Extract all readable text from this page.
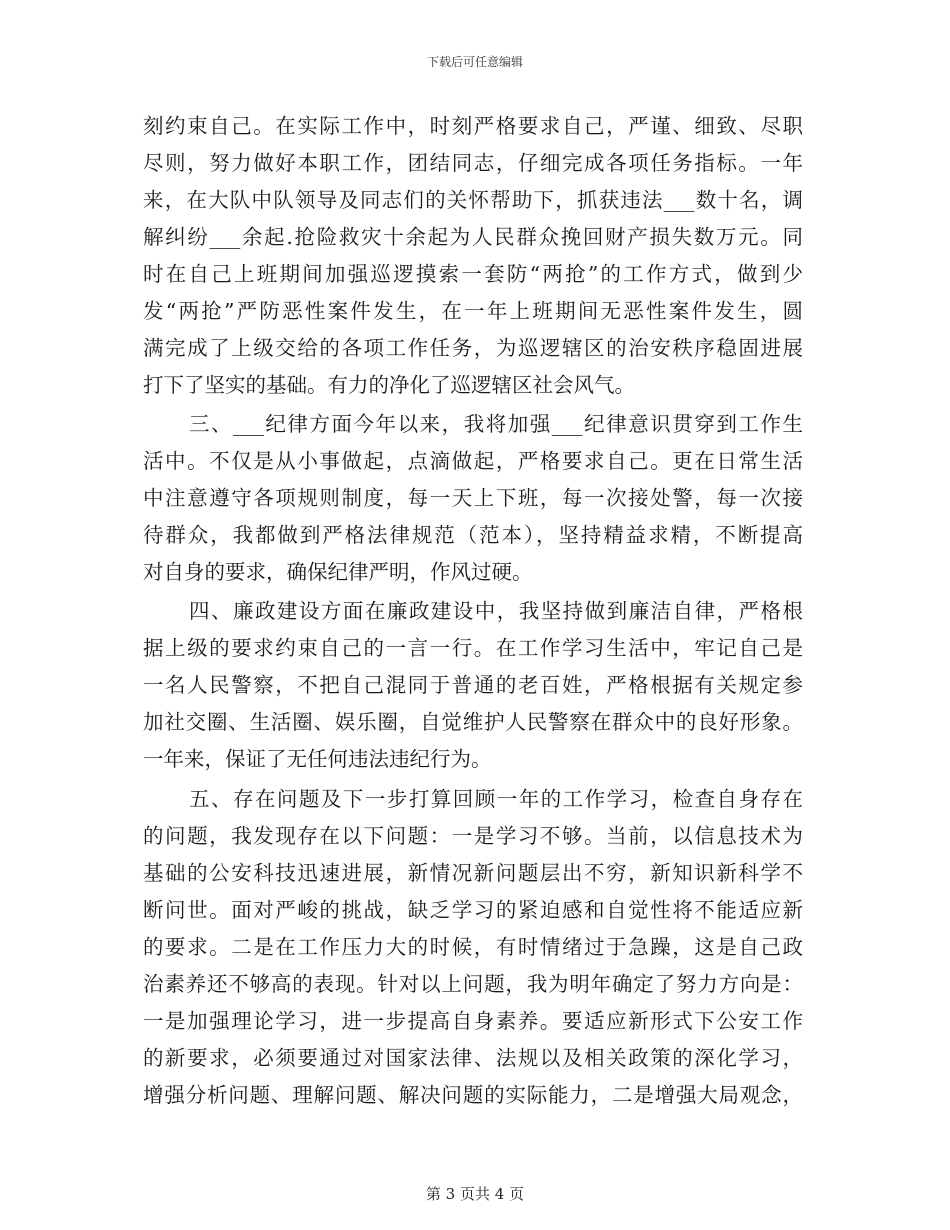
下载后可任意编辑
刻约束自己。在实际工作中，时刻严格要求自己，严谨、细致、尽职
尽则，努力做好本职工作，团结同志，仔细完成各项任务指标。一年
来，在大队中队领导及同志们的关怀帮助下，抓获违法___数十名，调
解纠纷___余起.抢险救灾十余起为人民群众挽回财产损失数万元。同
时在自己上班期间加强巡逻摸索一套防“两抢”的工作方式，做到少
发“两抢”严防恶性案件发生，在一年上班期间无恶性案件发生，圆
满完成了上级交给的各项工作任务，为巡逻辖区的治安秩序稳固进展
打下了坚实的基础。有力的净化了巡逻辖区社会风气。
三、___纪律方面今年以来，我将加强___纪律意识贯穿到工作生
活中。不仅是从小事做起，点滴做起，严格要求自己。更在日常生活
中注意遵守各项规则制度，每一天上下班，每一次接处警，每一次接
待群众，我都做到严格法律规范（范本），坚持精益求精，不断提高
对自身的要求，确保纪律严明，作风过硬。
四、廉政建设方面在廉政建设中，我坚持做到廉洁自律，严格根
据上级的要求约束自己的一言一行。在工作学习生活中，牢记自己是
一名人民警察，不把自己混同于普通的老百姓，严格根据有关规定参
加社交圈、生活圈、娱乐圈，自觉维护人民警察在群众中的良好形象。
一年来，保证了无任何违法违纪行为。
五、存在问题及下一步打算回顾一年的工作学习，检查自身存在
的问题，我发现存在以下问题：一是学习不够。当前，以信息技术为
基础的公安科技迅速进展，新情况新问题层出不穷，新知识新科学不
断问世。面对严峻的挑战，缺乏学习的紧迫感和自觉性将不能适应新
的要求。二是在工作压力大的时候，有时情绪过于急躁，这是自己政
治素养还不够高的表现。针对以上问题，我为明年确定了努力方向是：
一是加强理论学习，进一步提高自身素养。要适应新形式下公安工作
的新要求，必须要通过对国家法律、法规以及相关政策的深化学习，
增强分析问题、理解问题、解决问题的实际能力，二是增强大局观念，
第 3 页共 4 页
